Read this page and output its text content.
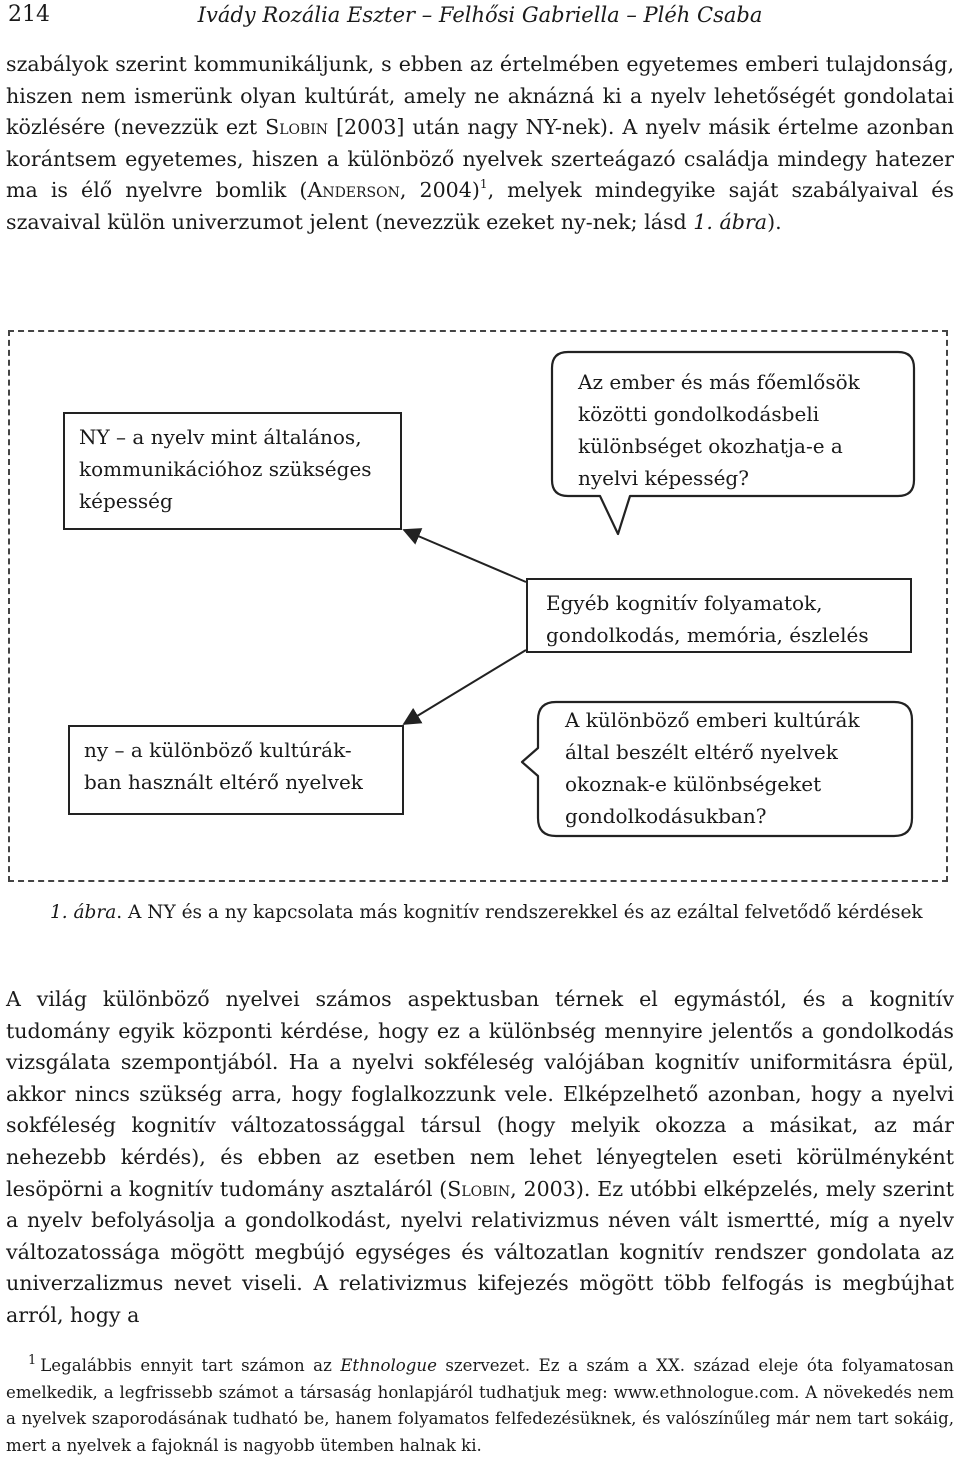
214	Ivády Rozália Eszter – Felhősi Gabriella – Pléh Csaba

szabályok szerint kommunikáljunk, s ebben az értelmében egyetemes emberi tulajdonság, hiszen nem ismerünk olyan kultúrát, amely ne aknázná ki a nyelv lehetőségét gondolatai közlésére (nevezzük ezt Slobin [2003] után nagy NY-nek). A nyelv másik értelme azonban korántsem egyetemes, hiszen a különböző nyelvek szerteágazó családja mindegy hatezer ma is élő nyelvre bomlik (Anderson, 2004)$^1$, melyek mindegyike saját szabályaival és szavaival külön univerzumot jelent (nevezzük ezeket ny-nek; lásd 1. ábra).

NY – a nyelv mint általános,
kommunikációhoz szükséges
képesség
Az ember és más főemlősök
közötti gondolkodásbeli
különbséget okozhatja-e a
nyelvi képesség?
Egyéb kognitív folyamatok,
gondolkodás, memória, észlelés
ny – a különböző kultúrák-
ban használt eltérő nyelvek
A különböző emberi kultúrák
által beszélt eltérő nyelvek
okoznak-e különbségeket
gondolkodásukban?
1. ábra. A NY és a ny kapcsolata más kognitív rendszerekkel és az ezáltal felvetődő kérdések

A világ különböző nyelvei számos aspektusban térnek el egymástól, és a kognitív tudomány egyik központi kérdése, hogy ez a különbség mennyire jelentős a gondolkodás vizsgálata szempontjából. Ha a nyelvi sokféleség valójában kognitív uniformitásra épül, akkor nincs szükség arra, hogy foglalkozzunk vele. Elképzelhető azonban, hogy a nyelvi sokféleség kognitív változatossággal társul (hogy melyik okozza a másikat, az már nehezebb kérdés), és ebben az esetben nem lehet lényegtelen eseti körülményként lesöpörni a kognitív tudomány asztaláról (Slobin, 2003). Ez utóbbi elképzelés, mely szerint a nyelv befolyásolja a gondolkodást, nyelvi relativizmus néven vált ismertté, míg a nyelv változatossága mögött megbújó egységes és változatlan kognitív rendszer gondolata az univerzalizmus nevet viseli. A relativizmus kifejezés mögött több felfogás is megbújhat arról, hogy a

$^1$ Legalábbis ennyit tart számon az Ethnologue szervezet. Ez a szám a XX. század eleje óta folyamatosan emelkedik, a legfrissebb számot a társaság honlapjáról tudhatjuk meg: www.ethnologue.com. A növekedés nem a nyelvek szaporodásának tudható be, hanem folyamatos felfedezésüknek, és valószínűleg már nem tart sokáig, mert a nyelvek a fajoknál is nagyobb ütemben halnak ki.
